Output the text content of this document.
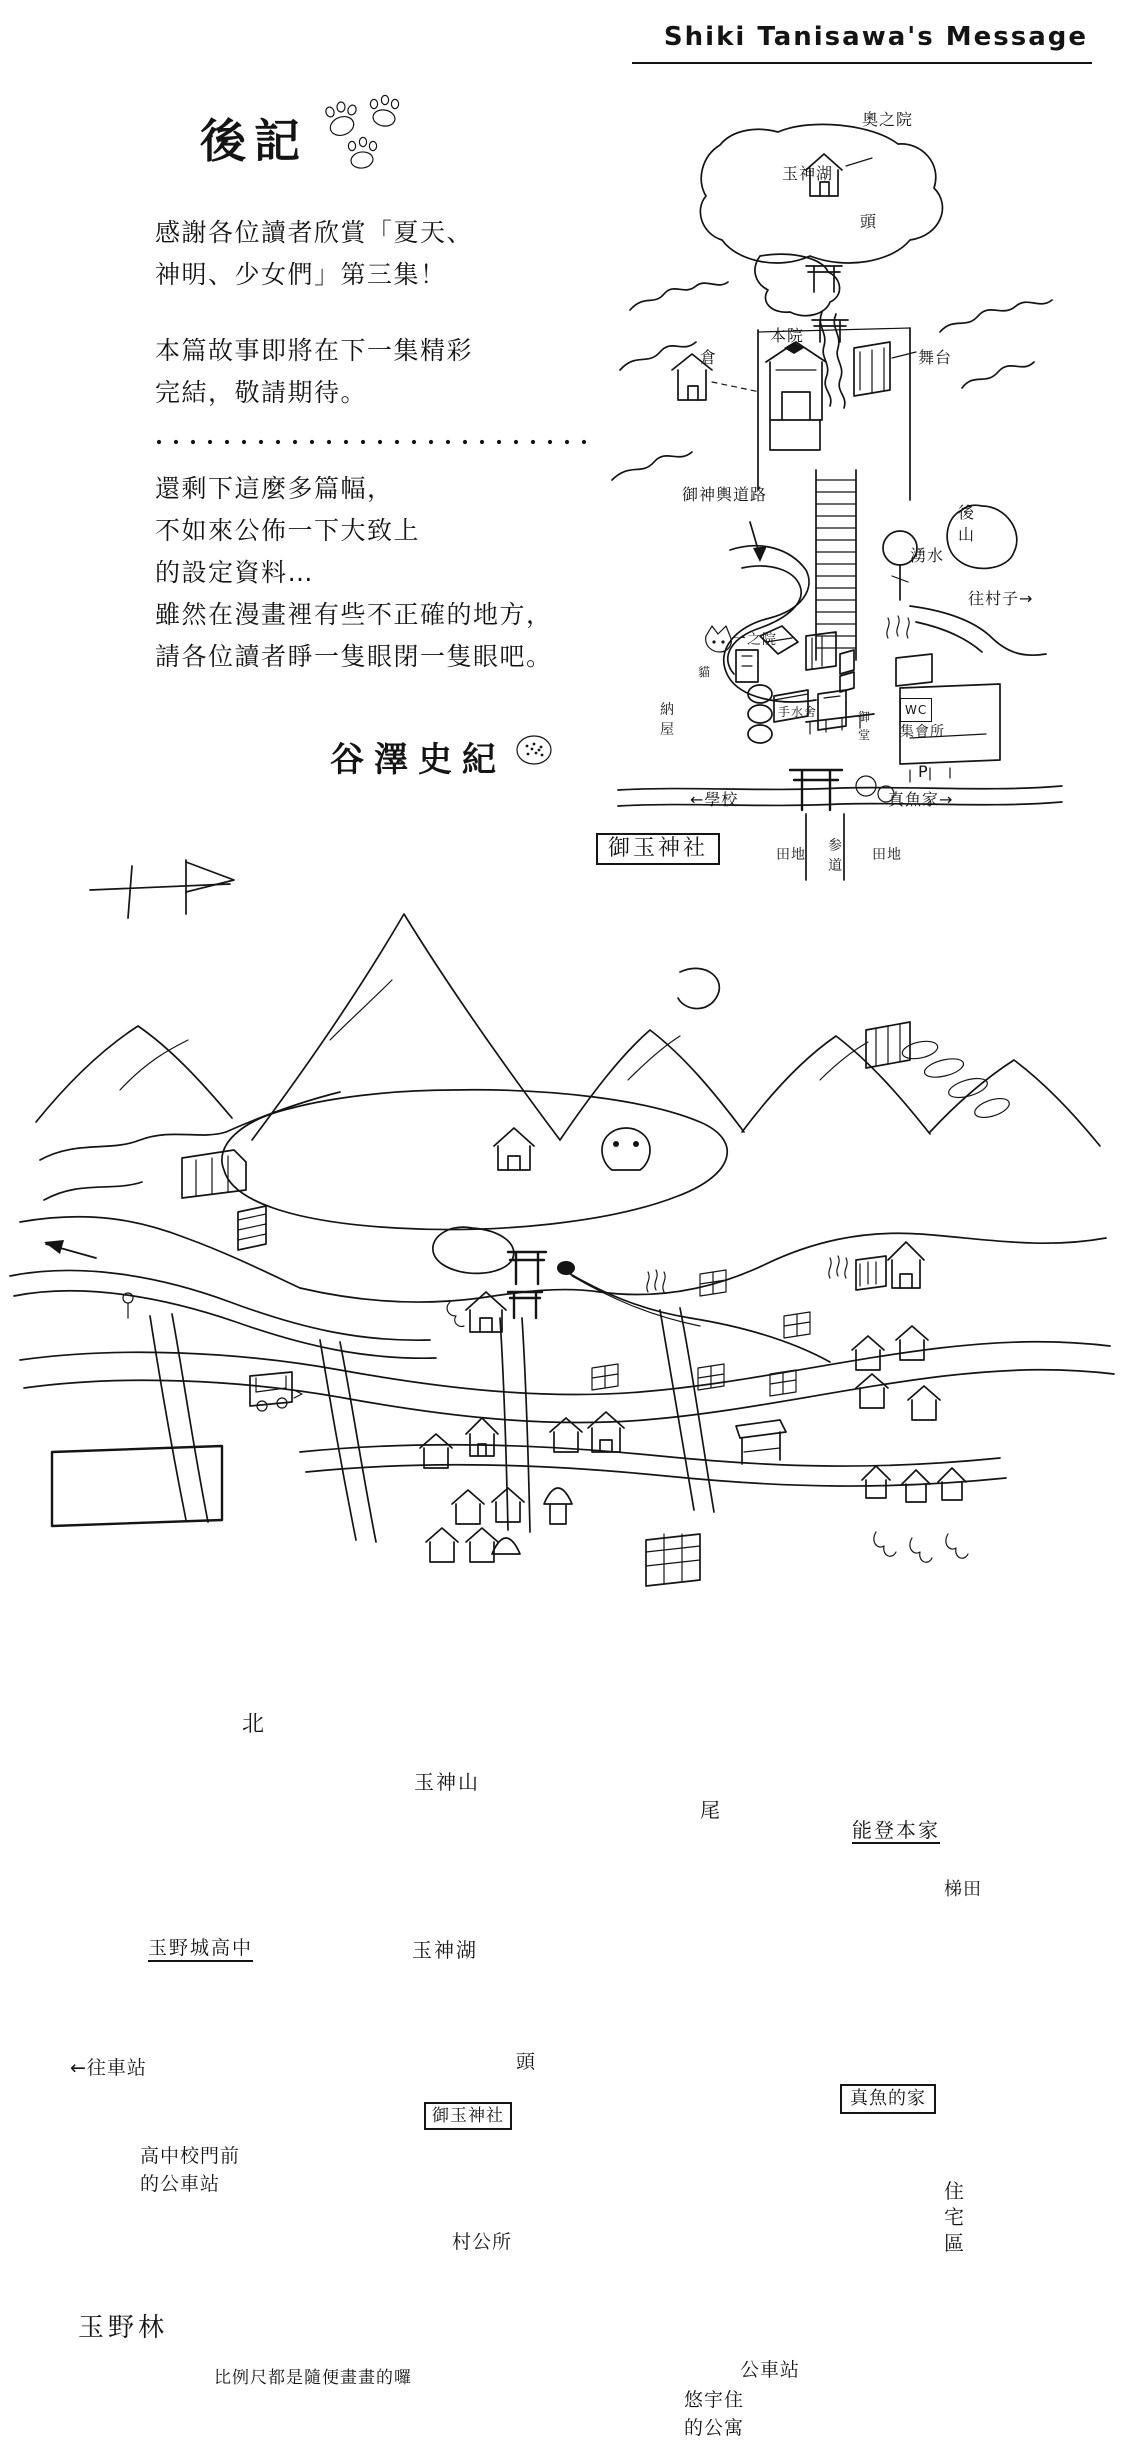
Shiki Tanisawa's Message
後記
感謝各位讀者欣賞「夏天、
神明、少女們」第三集！
本篇故事即將在下一集精彩
完結，敬請期待。
還剩下這麼多篇幅，
不如來公佈一下大致上
的設定資料…
雖然在漫畫裡有些不正確的地方，
請各位讀者睜一隻眼閉一隻眼吧。
谷澤史紀
奧之院
玉神湖
頭
本院
倉	舞台
御神輿道路
後
山
湧水
往村子→
一之院
貓
納
屋
手水舍	御
堂
WC
集會所
P
←學校	真魚家→
御玉神社	田地
参
道
田地
北
玉神山
尾
能登本家
梯田
玉野城高中	玉神湖
頭
←往車站
高中校門前
的公車站
御玉神社
真魚的家
住
宅
區
村公所
公車站
悠宇住
的公寓
玉野林
比例尺都是隨便畫畫的囉
